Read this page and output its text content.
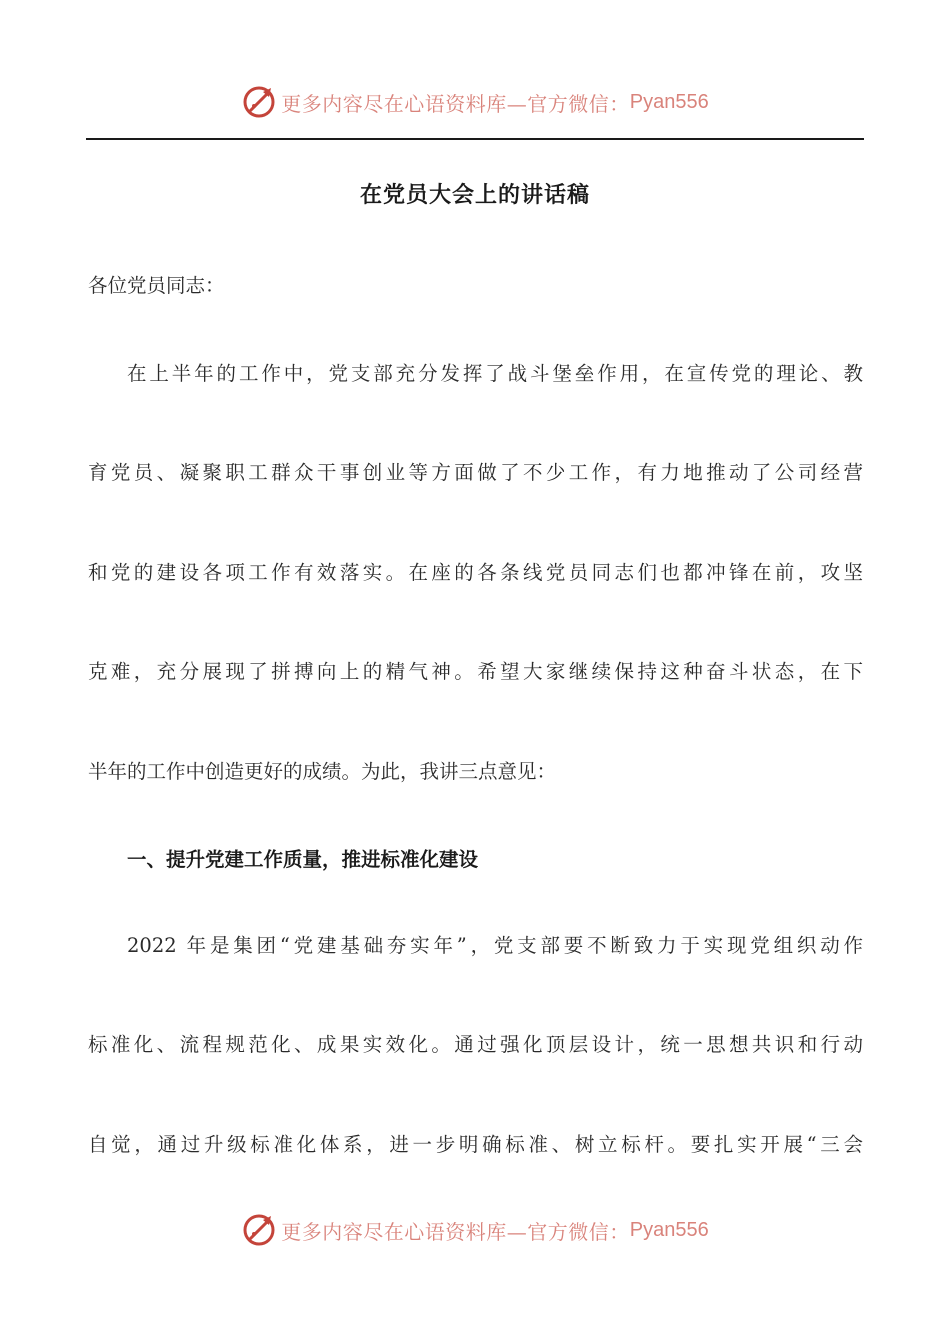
更多内容尽在心语资料库—官方微信： Pyan556
在党员大会上的讲话稿
各位党员同志：
在上半年的工作中，党支部充分发挥了战斗堡垒作用，在宣传党的理论、教
育党员、凝聚职工群众干事创业等方面做了不少工作，有力地推动了公司经营
和党的建设各项工作有效落实。在座的各条线党员同志们也都冲锋在前，攻坚
克难，充分展现了拼搏向上的精气神。希望大家继续保持这种奋斗状态，在下
半年的工作中创造更好的成绩。为此，我讲三点意见：
一、提升党建工作质量，推进标准化建设
2022 年是集团“党建基础夯实年”，党支部要不断致力于实现党组织动作
标准化、流程规范化、成果实效化。通过强化顶层设计，统一思想共识和行动
自觉，通过升级标准化体系，进一步明确标准、树立标杆。要扎实开展“三会
更多内容尽在心语资料库—官方微信： Pyan556
